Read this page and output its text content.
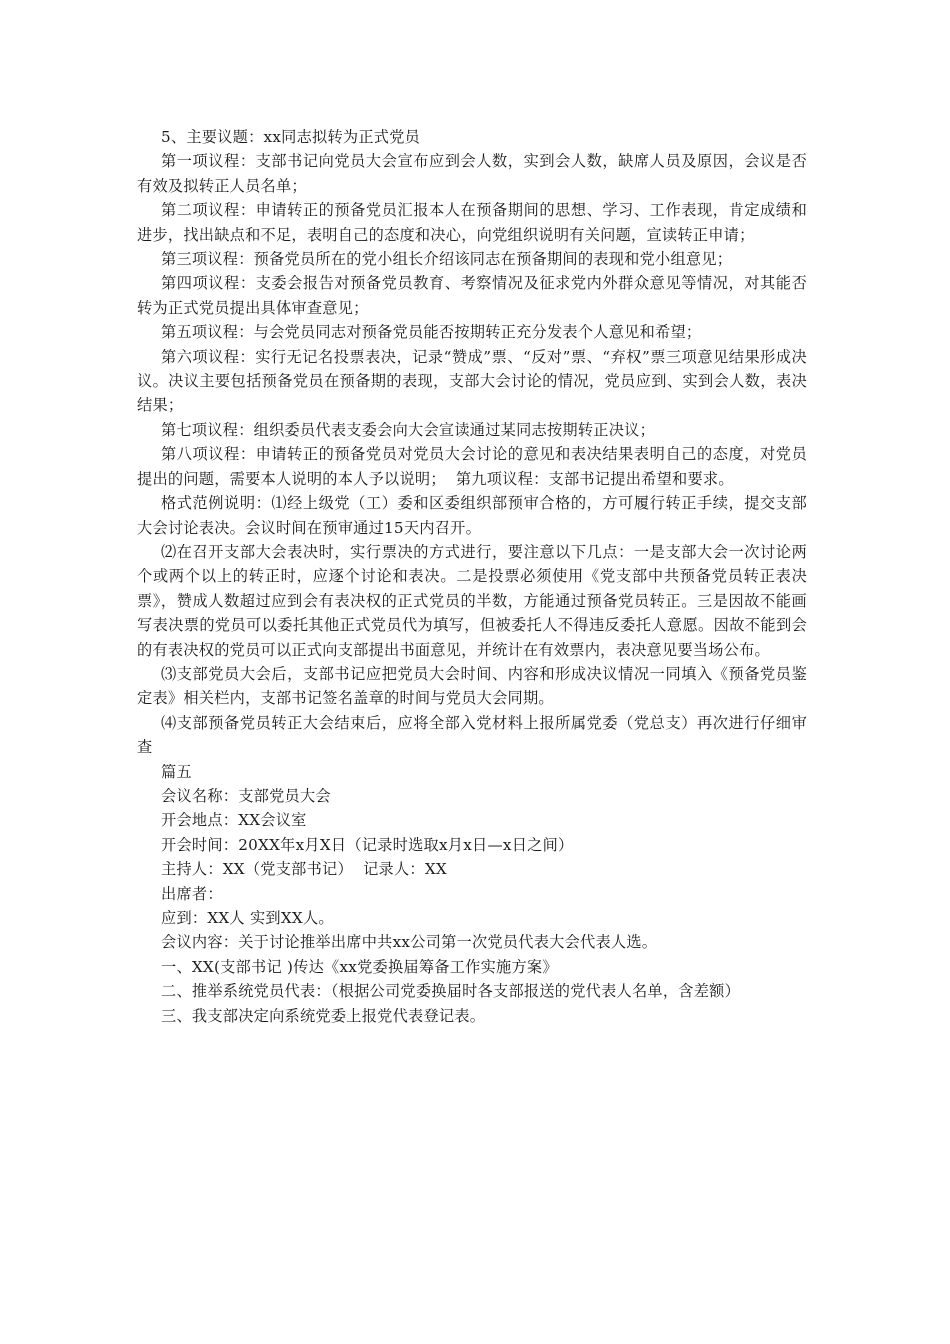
5、主要议题：xx同志拟转为正式党员

第一项议程：支部书记向党员大会宣布应到会人数，实到会人数，缺席人员及原因，会议是否有效及拟转正人员名单；

第二项议程：申请转正的预备党员汇报本人在预备期间的思想、学习、工作表现，肯定成绩和进步，找出缺点和不足，表明自己的态度和决心，向党组织说明有关问题，宣读转正申请；

第三项议程：预备党员所在的党小组长介绍该同志在预备期间的表现和党小组意见；

第四项议程：支委会报告对预备党员教育、考察情况及征求党内外群众意见等情况，对其能否转为正式党员提出具体审查意见；

第五项议程：与会党员同志对预备党员能否按期转正充分发表个人意见和希望；

第六项议程：实行无记名投票表决，记录“赞成”票、“反对”票、“弃权”票三项意见结果形成决议。决议主要包括预备党员在预备期的表现，支部大会讨论的情况，党员应到、实到会人数，表决结果；

第七项议程：组织委员代表支委会向大会宣读通过某同志按期转正决议；

第八项议程：申请转正的预备党员对党员大会讨论的意见和表决结果表明自己的态度，对党员提出的问题，需要本人说明的本人予以说明；  第九项议程：支部书记提出希望和要求。

格式范例说明：⑴经上级党（工）委和区委组织部预审合格的，方可履行转正手续，提交支部大会讨论表决。会议时间在预审通过15天内召开。

⑵在召开支部大会表决时，实行票决的方式进行，要注意以下几点：一是支部大会一次讨论两个或两个以上的转正时，应逐个讨论和表决。二是投票必须使用《党支部中共预备党员转正表决票》，赞成人数超过应到会有表决权的正式党员的半数，方能通过预备党员转正。三是因故不能画写表决票的党员可以委托其他正式党员代为填写，但被委托人不得违反委托人意愿。因故不能到会的有表决权的党员可以正式向支部提出书面意见，并统计在有效票内，表决意见要当场公布。

⑶支部党员大会后，支部书记应把党员大会时间、内容和形成决议情况一同填入《预备党员鉴定表》相关栏内，支部书记签名盖章的时间与党员大会同期。

⑷支部预备党员转正大会结束后，应将全部入党材料上报所属党委（党总支）再次进行仔细审查

篇五

会议名称：支部党员大会

开会地点：XX会议室

开会时间：20XX年x月X日（记录时选取x月x日—x日之间）

主持人：XX（党支部书记）  记录人：XX

出席者：

应到：XX人 实到XX人。

会议内容：关于讨论推举出席中共xx公司第一次党员代表大会代表人选。

一、XX(支部书记 )传达《xx党委换届筹备工作实施方案》

二、推举系统党员代表：（根据公司党委换届时各支部报送的党代表人名单，含差额）

三、我支部决定向系统党委上报党代表登记表。
